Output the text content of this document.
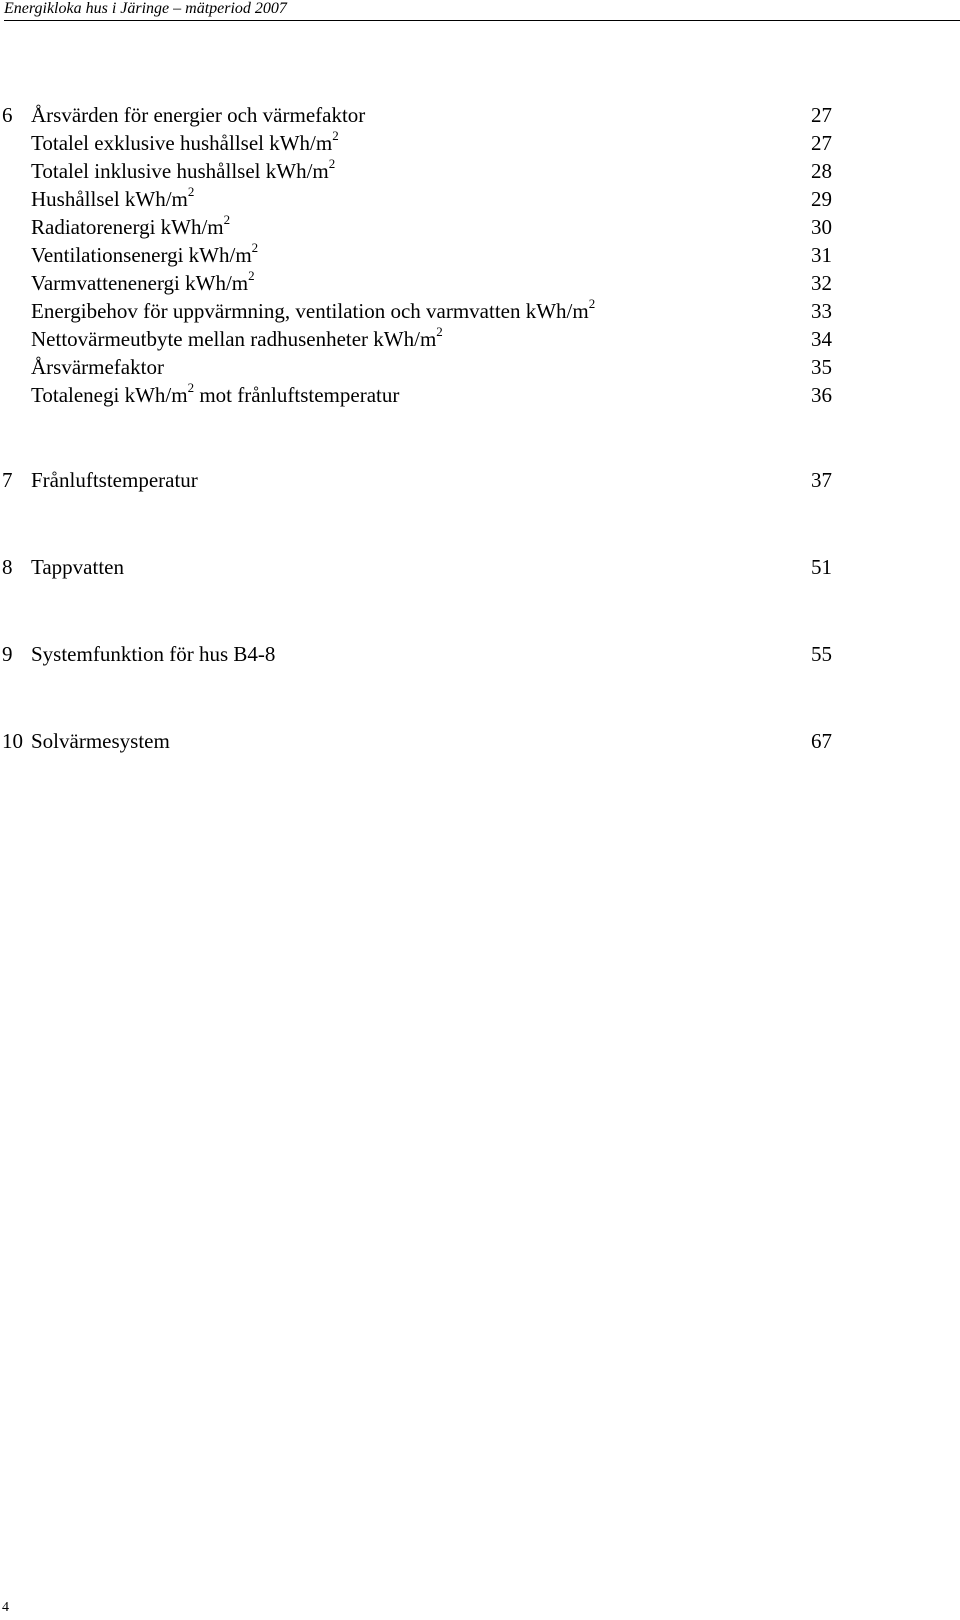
Energikloka hus i Järinge – mätperiod 2007
6 Årsvärden för energier och värmefaktor	27
Totalel exklusive hushållsel kWh/$m^2$	27
Totalel inklusive hushållsel kWh/$m^2$	28
Hushållsel kWh/$m^2$	29
Radiatorenergi kWh/$m^2$	30
Ventilationsenergi kWh/$m^2$	31
Varmvattenenergi kWh/$m^2$	32
Energibehov för uppvärmning, ventilation och varmvatten kWh/$m^2$	33
Nettovärmeutbyte mellan radhusenheter kWh/$m^2$	34
Årsvärmefaktor	35
Totalenegi kWh/$m^2$ mot frånluftstemperatur	36
7 Frånluftstemperatur	37
8 Tappvatten	51
9 Systemfunktion för hus B4-8	55
10 Solvärmesystem	67
4
